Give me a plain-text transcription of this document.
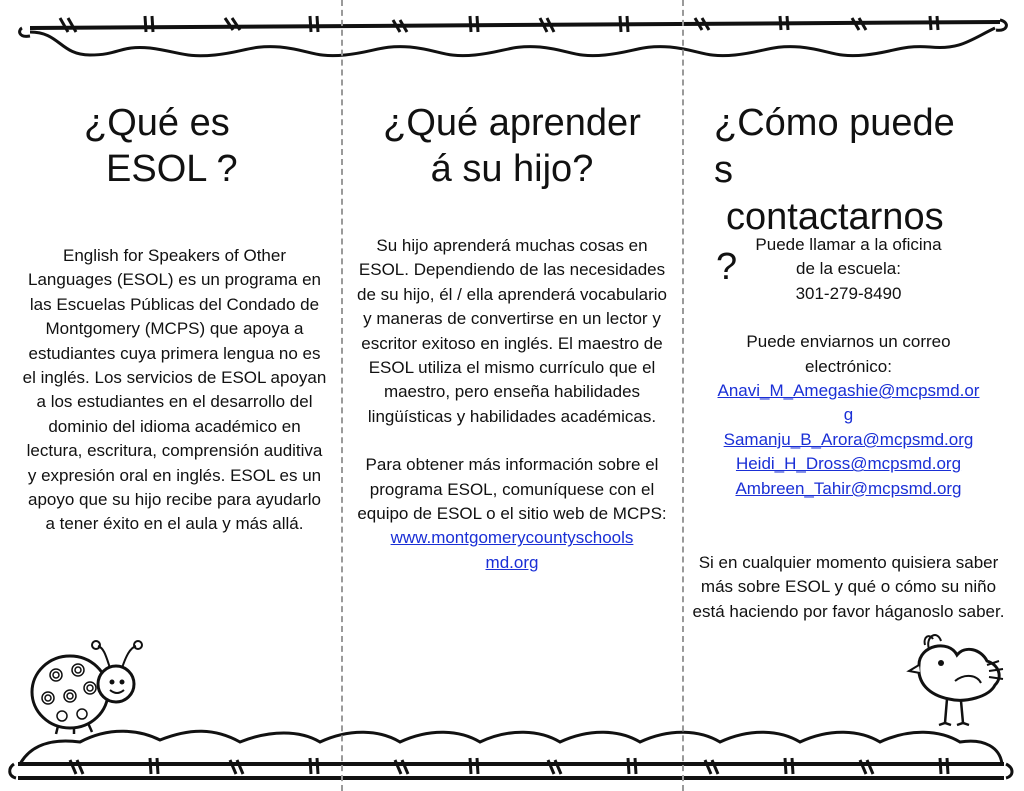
¿Qué es
ESOL ?
English for Speakers of Other Languages (ESOL) es un programa en las Escuelas Públicas del Condado de Montgomery (MCPS) que apoya a estudiantes cuya primera lengua no es el inglés. Los servicios de ESOL apoyan a los estudiantes en el desarrollo del dominio del idioma académico en lectura, escritura, comprensión auditiva y expresión oral en inglés. ESOL es un apoyo que su hijo recibe para ayudarlo a tener éxito en el aula y más allá.
¿Qué aprender
á su hijo?
Su hijo aprenderá muchas cosas en ESOL. Dependiendo de las necesidades de su hijo, él / ella aprenderá vocabulario y maneras de convertirse en un lector y escritor exitoso en inglés. El maestro de ESOL utiliza el mismo currículo que el maestro, pero enseña habilidades lingüísticas y habilidades académicas.
Para obtener más información sobre el programa ESOL, comuníquese con el equipo de ESOL o el sitio web de MCPS:
www.montgomerycountyschools
md.org
¿Cómo puede
s
contactarnos
?
Puede llamar a la oficina
de la escuela:
301-279-8490
Puede enviarnos un correo
electrónico:
Anavi_M_Amegashie@mcpsmd.or
g
Samanju_B_Arora@mcpsmd.org
Heidi_H_Dross@mcpsmd.org
Ambreen_Tahir@mcpsmd.org
Si en cualquier momento quisiera saber más sobre ESOL y qué o cómo su niño está haciendo por favor háganoslo saber.
